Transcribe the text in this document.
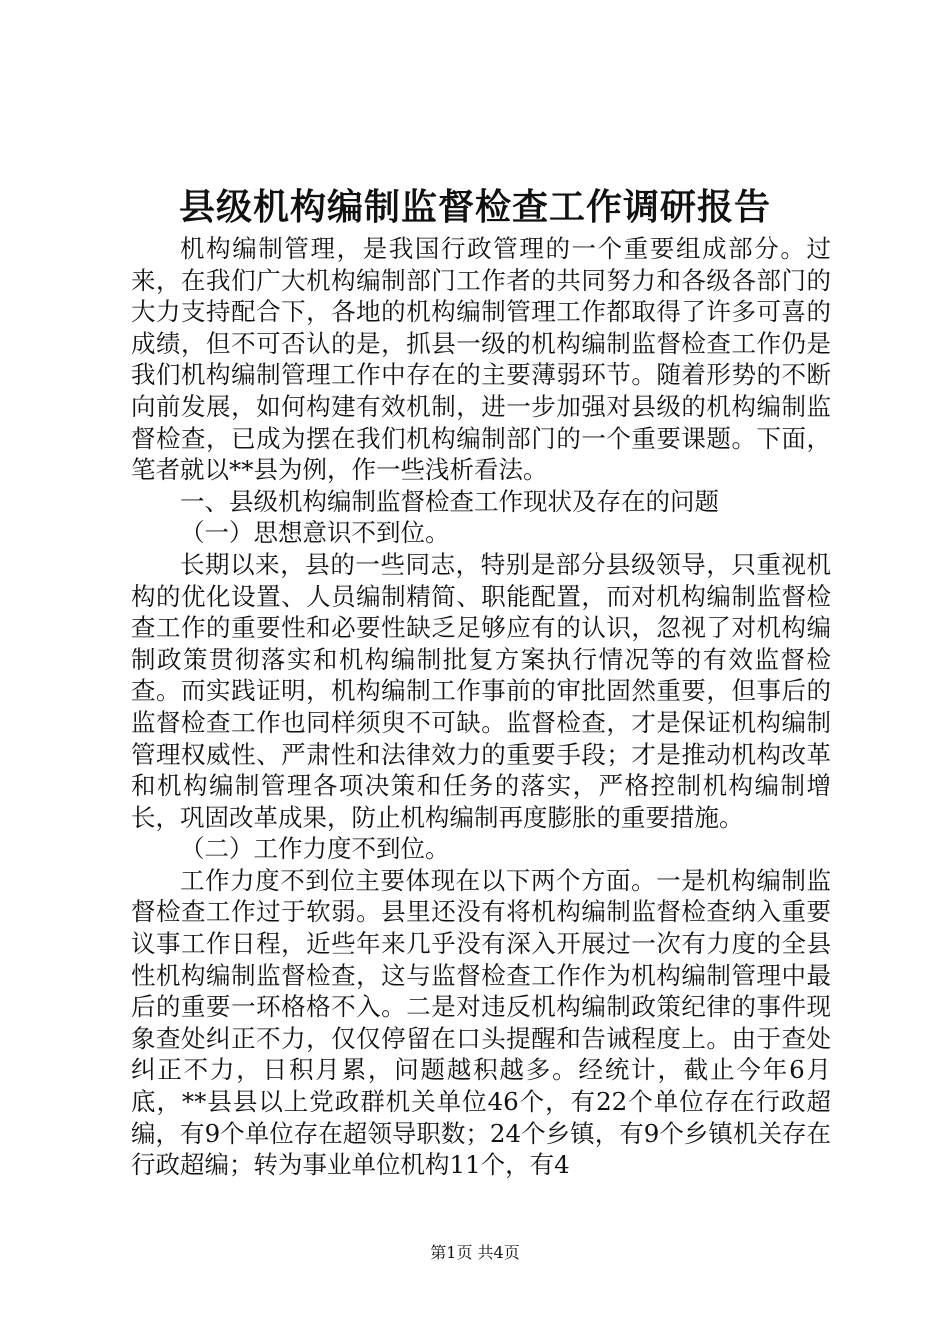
县级机构编制监督检查工作调研报告

机构编制管理，是我国行政管理的一个重要组成部分。过来，在我们广大机构编制部门工作者的共同努力和各级各部门的大力支持配合下，各地的机构编制管理工作都取得了许多可喜的成绩，但不可否认的是，抓县一级的机构编制监督检查工作仍是我们机构编制管理工作中存在的主要薄弱环节。随着形势的不断向前发展，如何构建有效机制，进一步加强对县级的机构编制监督检查，已成为摆在我们机构编制部门的一个重要课题。下面，笔者就以**县为例，作一些浅析看法。

一、县级机构编制监督检查工作现状及存在的问题

（一）思想意识不到位。

长期以来，县的一些同志，特别是部分县级领导，只重视机构的优化设置、人员编制精简、职能配置，而对机构编制监督检查工作的重要性和必要性缺乏足够应有的认识，忽视了对机构编制政策贯彻落实和机构编制批复方案执行情况等的有效监督检查。而实践证明，机构编制工作事前的审批固然重要，但事后的监督检查工作也同样须臾不可缺。监督检查，才是保证机构编制管理权威性、严肃性和法律效力的重要手段；才是推动机构改革和机构编制管理各项决策和任务的落实，严格控制机构编制增长，巩固改革成果，防止机构编制再度膨胀的重要措施。

（二）工作力度不到位。

工作力度不到位主要体现在以下两个方面。一是机构编制监督检查工作过于软弱。县里还没有将机构编制监督检查纳入重要议事工作日程，近些年来几乎没有深入开展过一次有力度的全县性机构编制监督检查，这与监督检查工作作为机构编制管理中最后的重要一环格格不入。二是对违反机构编制政策纪律的事件现象查处纠正不力，仅仅停留在口头提醒和告诫程度上。由于查处纠正不力，日积月累，问题越积越多。经统计，截止今年6月底，**县县以上党政群机关单位46个，有22个单位存在行政超编，有9个单位存在超领导职数；24个乡镇，有9个乡镇机关存在行政超编；转为事业单位机构11个，有4

第1页 共4页
